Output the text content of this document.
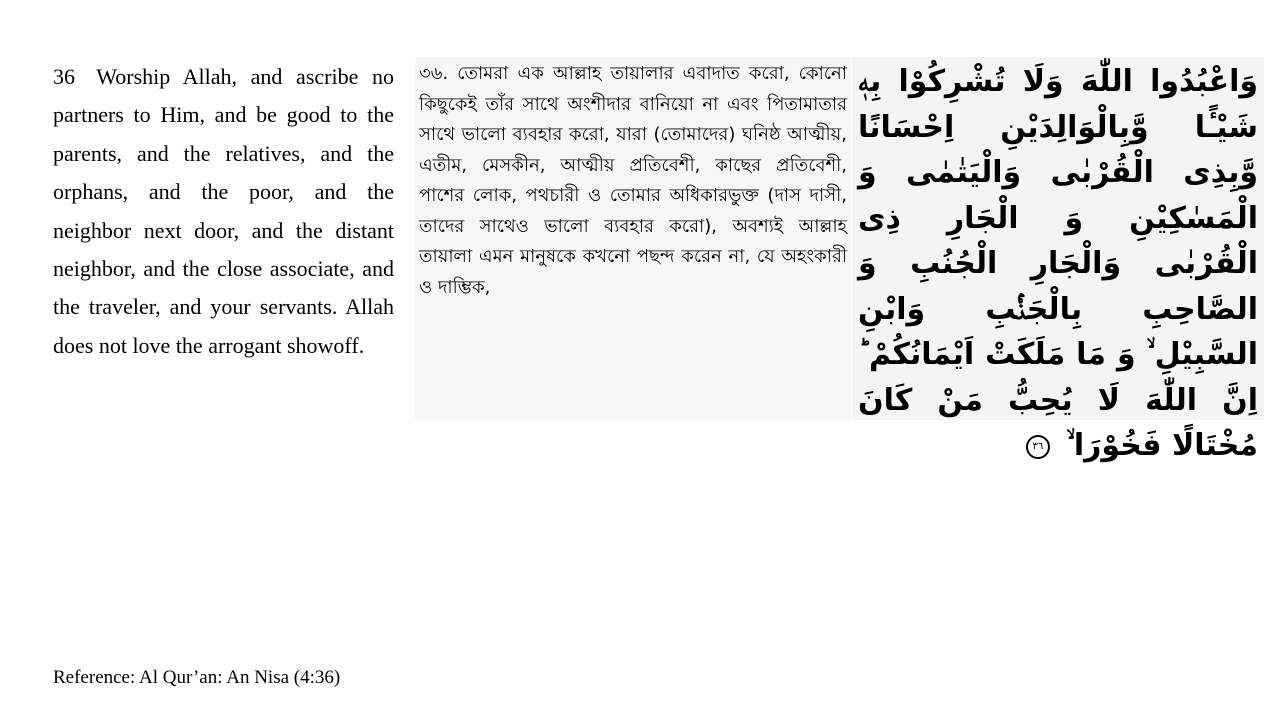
36 Worship Allah, and ascribe no partners to Him, and be good to the parents, and the relatives, and the orphans, and the poor, and the neighbor next door, and the distant neighbor, and the close associate, and the traveler, and your servants. Allah does not love the arrogant showoff.
৩৬. তোমরা এক আল্লাহ তায়ালার এবাদাত করো, কোনো কিছুকেই তাঁর সাথে অংশীদার বানিয়ো না এবং পিতামাতার সাথে ভালো ব্যবহার করো, যারা (তোমাদের) ঘনিষ্ঠ আত্মীয়, এতীম, মেসকীন, আত্মীয় প্রতিবেশী, কাছের প্রতিবেশী, পাশের লোক, পথচারী ও তোমার অধিকারভুক্ত (দাস দাসী, তাদের সাথেও ভালো ব্যবহার করো), অবশ্যই আল্লাহ তায়ালা এমন মানুষকে কখনো পছন্দ করেন না, যে অহংকারী ও দাম্ভিক,
وَاعْبُدُوا اللّٰهَ وَلَا تُشْرِكُوْا بِهٖ شَيْـًٔا وَّبِالْوَالِدَيْنِ اِحْسَانًا وَّبِذِى الْقُرْبٰى وَالْيَتٰمٰى وَ الْمَسٰكِيْنِ وَ الْجَارِ ذِى الْقُرْبٰى وَالْجَارِ الْجُنُبِ وَ الصَّاحِبِ بِالْجَنْۢبِ وَابْنِ السَّبِيْلِ ۙ وَ مَا مَلَكَتْ اَيْمَانُكُمْ ؕ اِنَّ اللّٰهَ لَا يُحِبُّ مَنْ كَانَ مُخْتَالًا فَخُوْرَا ۙ ٣٦
Reference: Al Qur’an: An Nisa (4:36)
